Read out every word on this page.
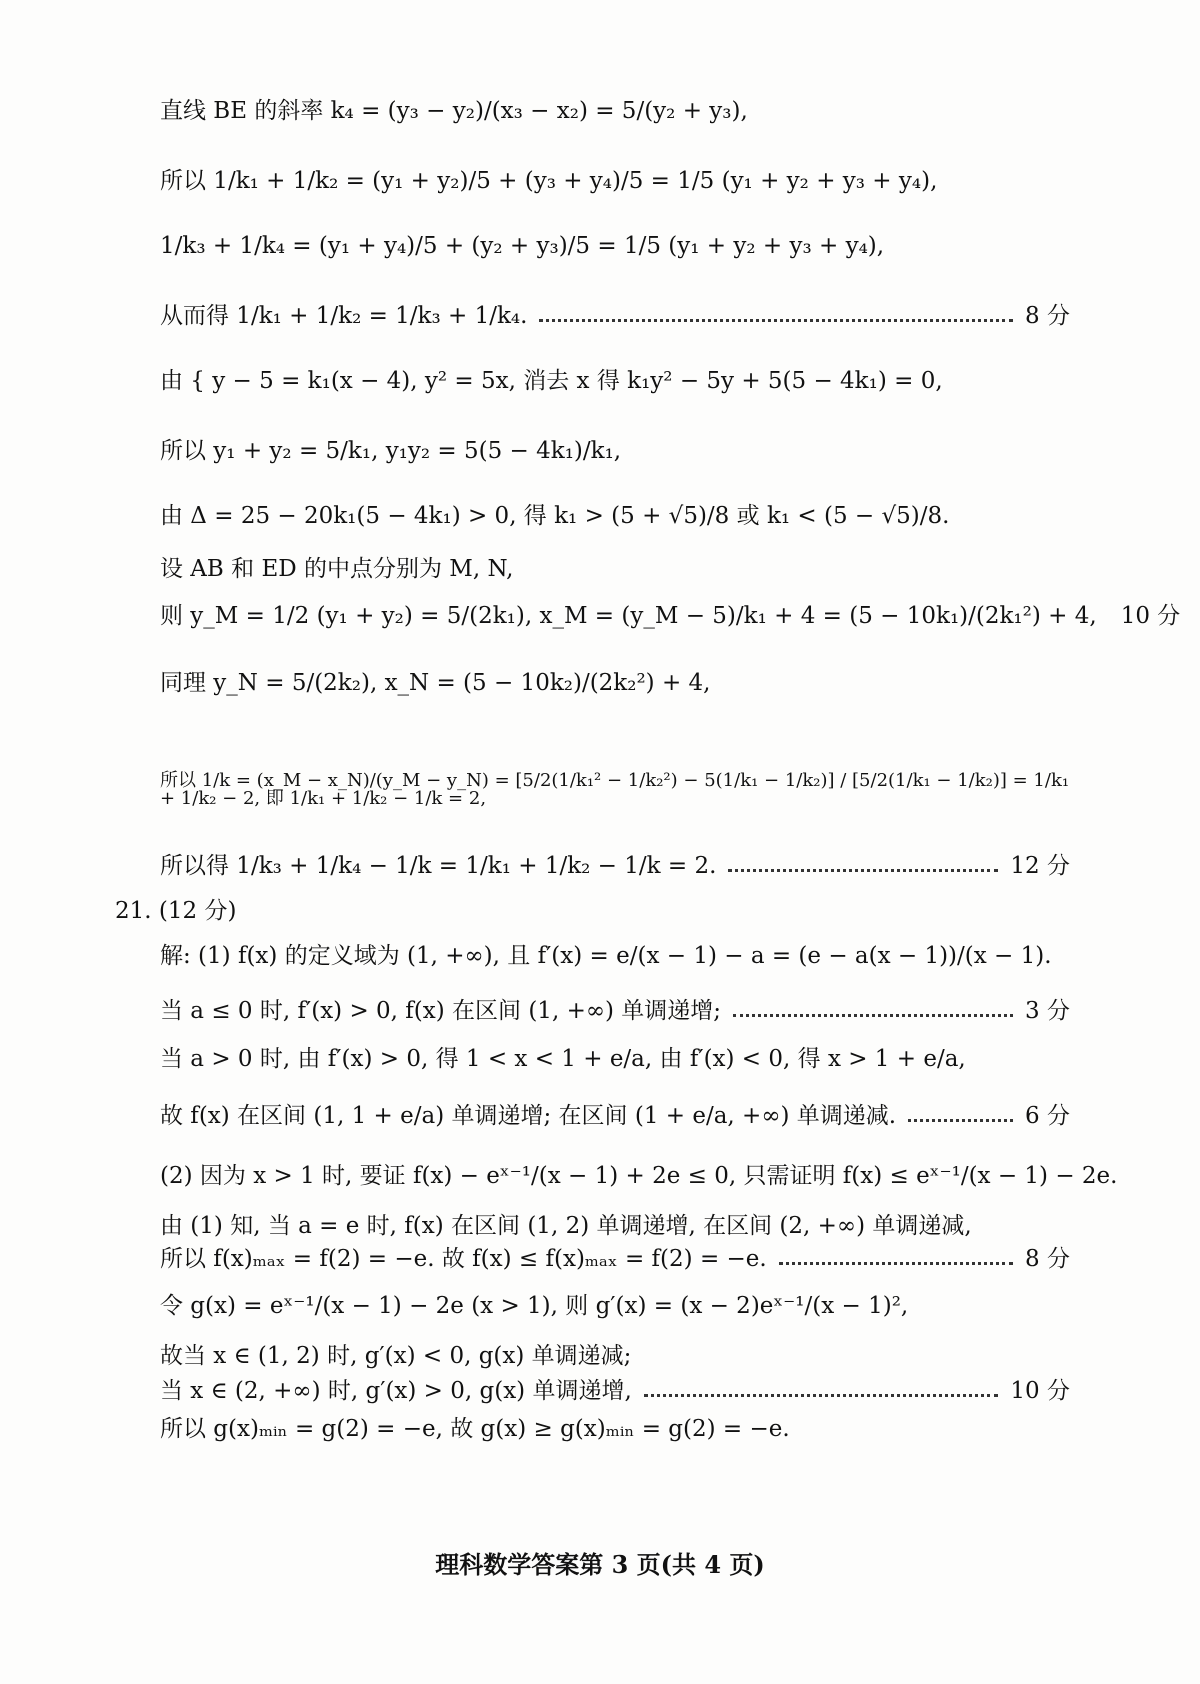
直线 BE 的斜率 k₄ = (y₃ − y₂)/(x₃ − x₂) = 5/(y₂ + y₃),
所以 1/k₁ + 1/k₂ = (y₁ + y₂)/5 + (y₃ + y₄)/5 = 1/5 (y₁ + y₂ + y₃ + y₄),
1/k₃ + 1/k₄ = (y₁ + y₄)/5 + (y₂ + y₃)/5 = 1/5 (y₁ + y₂ + y₃ + y₄),
从而得 1/k₁ + 1/k₂ = 1/k₃ + 1/k₄.	8 分
由 { y − 5 = k₁(x − 4), y² = 5x, 消去 x 得 k₁y² − 5y + 5(5 − 4k₁) = 0,
所以 y₁ + y₂ = 5/k₁, y₁y₂ = 5(5 − 4k₁)/k₁,
由 Δ = 25 − 20k₁(5 − 4k₁) > 0, 得 k₁ > (5 + √5)/8 或 k₁ < (5 − √5)/8.
设 AB 和 ED 的中点分别为 M, N,
则 y_M = 1/2 (y₁ + y₂) = 5/(2k₁), x_M = (y_M − 5)/k₁ + 4 = (5 − 10k₁)/(2k₁²) + 4, 10 分
同理 y_N = 5/(2k₂), x_N = (5 − 10k₂)/(2k₂²) + 4,
所以 1/k = (x_M − x_N)/(y_M − y_N) = [5/2(1/k₁² − 1/k₂²) − 5(1/k₁ − 1/k₂)] / [5/2(1/k₁ − 1/k₂)] = 1/k₁ + 1/k₂ − 2, 即 1/k₁ + 1/k₂ − 1/k = 2,
所以得 1/k₃ + 1/k₄ − 1/k = 1/k₁ + 1/k₂ − 1/k = 2.	12 分
21. (12 分)
解: (1) f(x) 的定义域为 (1, +∞), 且 f′(x) = e/(x − 1) − a = (e − a(x − 1))/(x − 1).
当 a ≤ 0 时, f′(x) > 0, f(x) 在区间 (1, +∞) 单调递增;	3 分
当 a > 0 时, 由 f′(x) > 0, 得 1 < x < 1 + e/a, 由 f′(x) < 0, 得 x > 1 + e/a,
故 f(x) 在区间 (1, 1 + e/a) 单调递增; 在区间 (1 + e/a, +∞) 单调递减.	6 分
(2) 因为 x > 1 时, 要证 f(x) − eˣ⁻¹/(x − 1) + 2e ≤ 0, 只需证明 f(x) ≤ eˣ⁻¹/(x − 1) − 2e.
由 (1) 知, 当 a = e 时, f(x) 在区间 (1, 2) 单调递增, 在区间 (2, +∞) 单调递减,
所以 f(x)ₘₐₓ = f(2) = −e. 故 f(x) ≤ f(x)ₘₐₓ = f(2) = −e.	8 分
令 g(x) = eˣ⁻¹/(x − 1) − 2e (x > 1), 则 g′(x) = (x − 2)eˣ⁻¹/(x − 1)²,
故当 x ∈ (1, 2) 时, g′(x) < 0, g(x) 单调递减;
当 x ∈ (2, +∞) 时, g′(x) > 0, g(x) 单调递增,	10 分
所以 g(x)ₘᵢₙ = g(2) = −e, 故 g(x) ≥ g(x)ₘᵢₙ = g(2) = −e.
理科数学答案第 3 页(共 4 页)
